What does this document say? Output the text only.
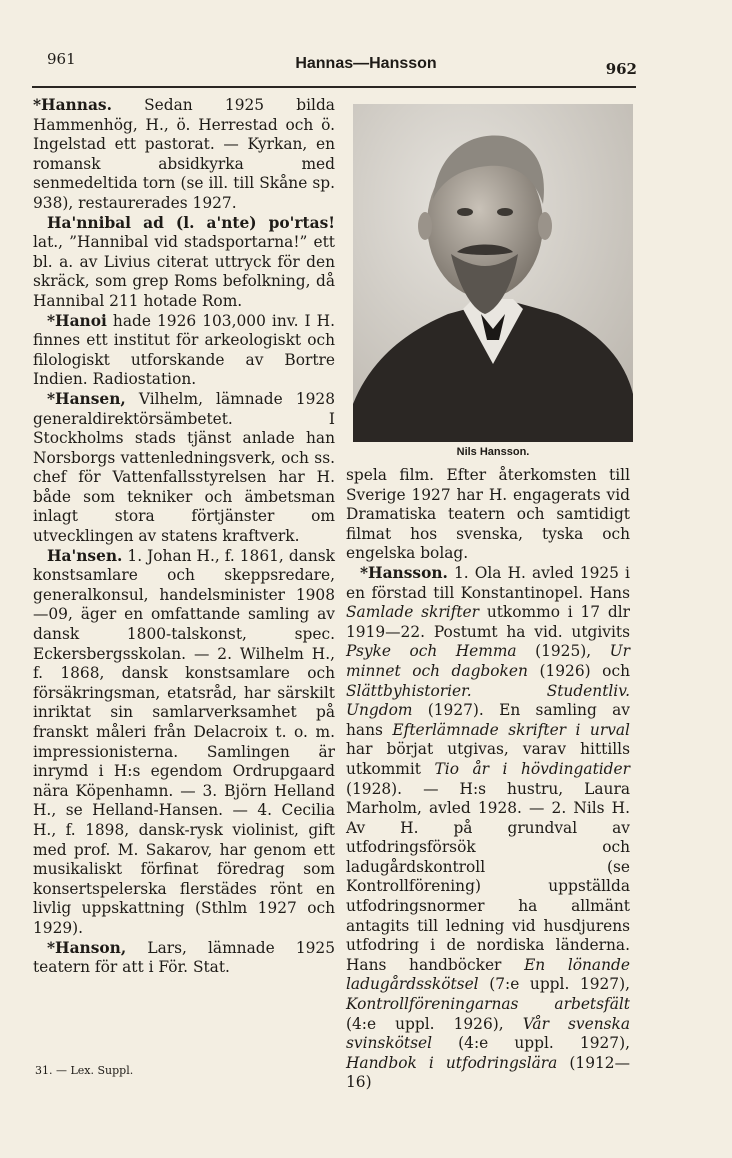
961	Hannas—Hansson	962

*Hannas. Sedan 1925 bilda Hammenhög, H., ö. Herrestad och ö. Ingelstad ett pastorat. — Kyrkan, en romansk absidkyrka med senmedeltida torn (se ill. till Skåne sp. 938), restaurerades 1927.

Ha'nnibal ad (l. a'nte) po'rtas! lat., ”Hannibal vid stadsportarna!” ett bl. a. av Livius citerat uttryck för den skräck, som grep Roms befolkning, då Hannibal 211 hotade Rom.

*Hanoi hade 1926 103,000 inv. I H. finnes ett institut för arkeologiskt och filologiskt utforskande av Bortre Indien. Radiostation.

*Hansen, Vilhelm, lämnade 1928 generaldirektörsämbetet. I Stockholms stads tjänst anlade han Norsborgs vattenledningsverk, och ss. chef för Vattenfallsstyrelsen har H. både som tekniker och ämbetsman inlagt stora förtjänster om utvecklingen av statens kraftverk.

Ha'nsen. 1. Johan H., f. 1861, dansk konstsamlare och skeppsredare, generalkonsul, handelsminister 1908—09, äger en omfattande samling av dansk 1800-talskonst, spec. Eckersbergsskolan. — 2. Wilhelm H., f. 1868, dansk konstsamlare och försäkringsman, etatsråd, har särskilt inriktat sin samlarverksamhet på franskt måleri från Delacroix t. o. m. impressionisterna. Samlingen är inrymd i H:s egendom Ordrupgaard nära Köpenhamn. — 3. Björn Helland H., se Helland-Hansen. — 4. Cecilia H., f. 1898, dansk-rysk violinist, gift med prof. M. Sakarov, har genom ett musikaliskt förfinat föredrag som konsertspelerska flerstädes rönt en livlig uppskattning (Sthlm 1927 och 1929).

*Hanson, Lars, lämnade 1925 teatern för att i För. Stat.

Nils Hansson.

spela film. Efter återkomsten till Sverige 1927 har H. engagerats vid Dramatiska teatern och samtidigt filmat hos svenska, tyska och engelska bolag.

*Hansson. 1. Ola H. avled 1925 i en förstad till Konstantinopel. Hans Samlade skrifter utkommo i 17 dlr 1919—22. Postumt ha vid. utgivits Psyke och Hemma (1925), Ur minnet och dagboken (1926) och Slättbyhistorier. Studentliv. Ungdom (1927). En samling av hans Efterlämnade skrifter i urval har börjat utgivas, varav hittills utkommit Tio år i hövdingatider (1928). — H:s hustru, Laura Marholm, avled 1928. — 2. Nils H. Av H. på grundval av utfodringsförsök och ladugårdskontroll (se Kontrollförening) uppställda utfodringsnormer ha allmänt antagits till ledning vid husdjurens utfodring i de nordiska länderna. Hans handböcker En lönande ladugårdsskötsel (7:e uppl. 1927), Kontrollföreningarnas arbetsfält (4:e uppl. 1926), Vår svenska svinskötsel (4:e uppl. 1927), Handbok i utfodringslära (1912—16)

31. — Lex. Suppl.
